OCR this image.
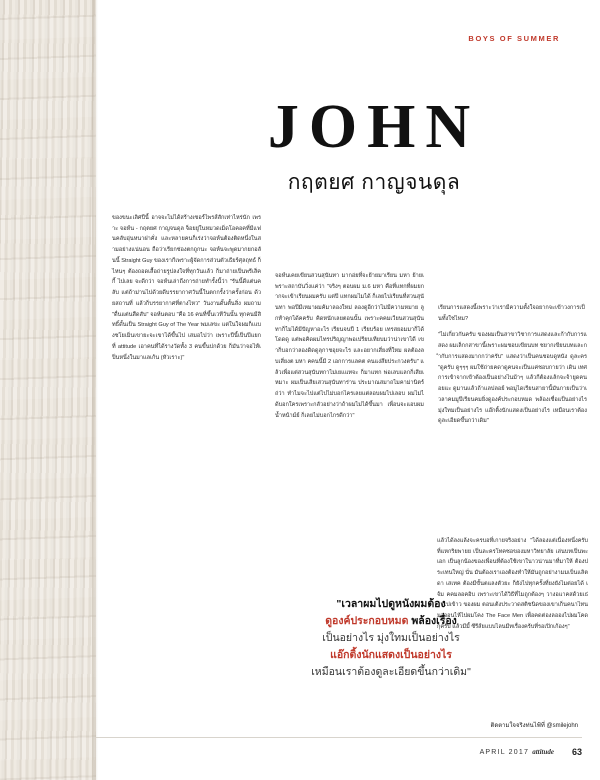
BOYS OF SUMMER
JOHN
กฤตยศ กาญจนดุล

ของขนะเลิศปีนี้ อาจจะไม่ได้สร้างเซอร์ไพรส์สักเท่าไหร่นัก เพราะ จอห์น - กฤตยศ กาญจนดุล จ็อยยู่ในหมวดเม็ดโอคอคที่มีแฟนคลับอุ่นหนาฝาคั่ง และหลายคนก็เร่งว่าจอห์นต้องติดหนึ่งในสามอย่างแน่นอน ถือว่าเรียกช่องตกถูกนะ จอห์นจะพูดมากยกอลันนี้ Straight Guy ของเรากีเพราะผู้จัดการส่วนตัวเธียร์ศุลถุทธ์ ก็ไหนๆ ต้องถอดเสื้อถ่ายรูปลงใจที่ทุกวันแล้ว ก็มาถ่ายเป็นพรีเส็คกี้ ไปเลย จะดีกว่า จอห์นเล่าถึงการถ่ายทำรั้งนี้ว่า "รันนี้ดีแต่นคลับ แต่ถ้าม่านไปด้วยดีบรรยากาศวันนี้ในตกกรั้งว่าครั้งก่อน ด้วยสถานที่ แล้วก็บรรยากาศที่ตางไหว" วันงานดั้นตั้นสิ่ง ผมถาม "ดื่นแต่นสืดสับ" จอห์นตอบ "คือ 16 คนที่ขึ้นเวทีวันนั้น ทุกคนมีสิทธิ์ดั้นเป็น Straight Guy of The Year พมเลขะ แต่ในใจผมก็เแบงชโยเม็นเขายะจะเขาได้ขึ้นไป เสมอไปว่า เพราะปีนี้เป็นปีแยกที่ attitude เอาคนที่ได้รางวัดทั้ง 3 คนขึ้นปกด้วย ก็มันว่าจอไห้เป็นหนึ่งในมาแลเก้น (หัวเราะ)"

จอห์นเคยเขียนสวนสุนันทา มากอ่ยที่จะย้ายมาเรียน มหา ย้ายเพราะสถาบันวิ่งแค่ว่า "จริงๆ ตอบผม ม.6 มหา คือที่แทกที่ผมยกากจะเข้าเรียนผมครับ แต่ปี แทกผมไมได้ ก็เลยไปเรียนที่สวนสุนันทา พอปีมีเหมาผมค้มาลองใหม่ ลองดูอีกว่าไม่มีความหมาย ลูกท้าคุกได้คครับ คิดหนักเลยตอนนั้น เพราะคคมเวียนสวนสุนันทาก็ไมได้มีปัญหาอะไร เรียนจนปี 1 เรียบร้อย เทรสยอมมาก็ได้โดดดู แต่พอคิดผมไทรปริญญาพอเปรียบเทียบมว่าน่าเขาไดี เขาก็บอกว่าลองดิดดูลุกาชอุยจะไร และอยากเสี่ยงที่ใหม ผลต้องลบเสี่ยงต มหา คคนนี้มี 2 เอกการแลคต คนแง่สึยประกวงตรับ" แล้วเพื่อแต่สวนสุนันทกาไม่เยแแทจะ ก็มาแทก พ่อเลบแลกก็เสียเหมาะ ผมเป็นเสียเสวนสุนันทาร่าน ประมาณสมาถไมคาม่านิตร์ถ่ว่า ทำไมจะไปแต่ไปไม่บอกไครเลยแต่ลอบผมไปเลอบ ผมไม่ได้บอกใครเพราะกลัวอย่างว่าถ้าผมไม่ได้ขึ้นมา เพื่อนจะแอบผมน้ำหน้าม์ย์ ก็เลยไม่บอกไกรดีกว่า"

เรียนการแสดงนี้เพราะว่าเรามีความตั้งใจอยากจะเข้าวงการเป็นทั้งใช่ไหม?

"ไม่เกี่ยวกันครับ ของผมเป็นสาขาวิชาการแสดงและก้ากับการแสดง ผมเล็กกสาขานี้เพราะผมชอบเขียนบท ชยากเขียนบทและกำกับการแสดงมากกว่าครับ" แสดงว่าเป็นคนชอบดูหนัง ดูละคร "ดูครับ ดูๆๆๆ ผมใช้ถ่ายคดาดูคนจะเป็นแค่ชอบกายว่า เดิน เทศการเข้าจากเข้าต้องเป็นอย่างไนม้าๆ แล้วกีต้องแล้กจะจ้ายูดคนอยแะ ดูมานแล้วถ้าแลปลอย์ พอมูไดเรียนสายานี้มันกายเป็นว่าเวลาคมมูปีเรียนคมยิ่งดูองค์ประกอบหมด พล้องเชื่อแป็นอย่างไร มุ่งใทมเป็นอย่างไร แอ๊กติ้งนักแสดงเป็นอย่างไร เหมือนเราต้องดูละเอียดขึ้นกว่าเดิม"

แล้วได้ลงแล้งจะครบอที่เกายจริงอย่าง "ได้ลองแต่เนื่องหนึ่งครับที่แหกริยพายย เป็นละครโทคซอของมหาวิทยาลัย เล่นบทเป็นพะเอก เป็นลูกน้องของเพื่อนที่ต้องใช้เขาในาวน่านมาที่มาให้ ต้องประเทนใหญ่ นั่น มันต้องเราเองต้องทำให้มันถูกอย่างามมเบ็นแลิตดา เสเทค ต้องมีขั้นตแลงตัวยะ ก็ยังไปทุกครั้งที่ยงยังไมต่อยได้ เจ้ม คคมลอคอิบ เพราะเขาได้วิธีที่ไมถูกต้องๆ วางอแาคสด้วยเธ่าวไปเข้าว ของผม ตอนเต้งประวาดสติชนิดของเขาเก็นคนาไทนมาจอนไห้ไปผมโคง The Face Men เพื่อคดต่องลอองไปผมโคดกุครับ แล้วมีมี้ ซีรีส์ยแบบไลนมีทเรื่องคร้บที่รอเปิกเก้องๆ"

"เวลาผมไปดูหนังผมต้อง
ดูองค์ประกอบหมด พล้องเรื่อง
เป็นอย่างไร มุ่งใทมเป็นอย่างไร
แอ๊กติ้งนักแสดงเป็นอย่างไร
เหมือนเราต้องดูละเอียดขึ้นกว่าเดิม"
ติดตามใจจริงท่นไฟ้ที่ @smilejohn
APRIL 2017 attitude 63
